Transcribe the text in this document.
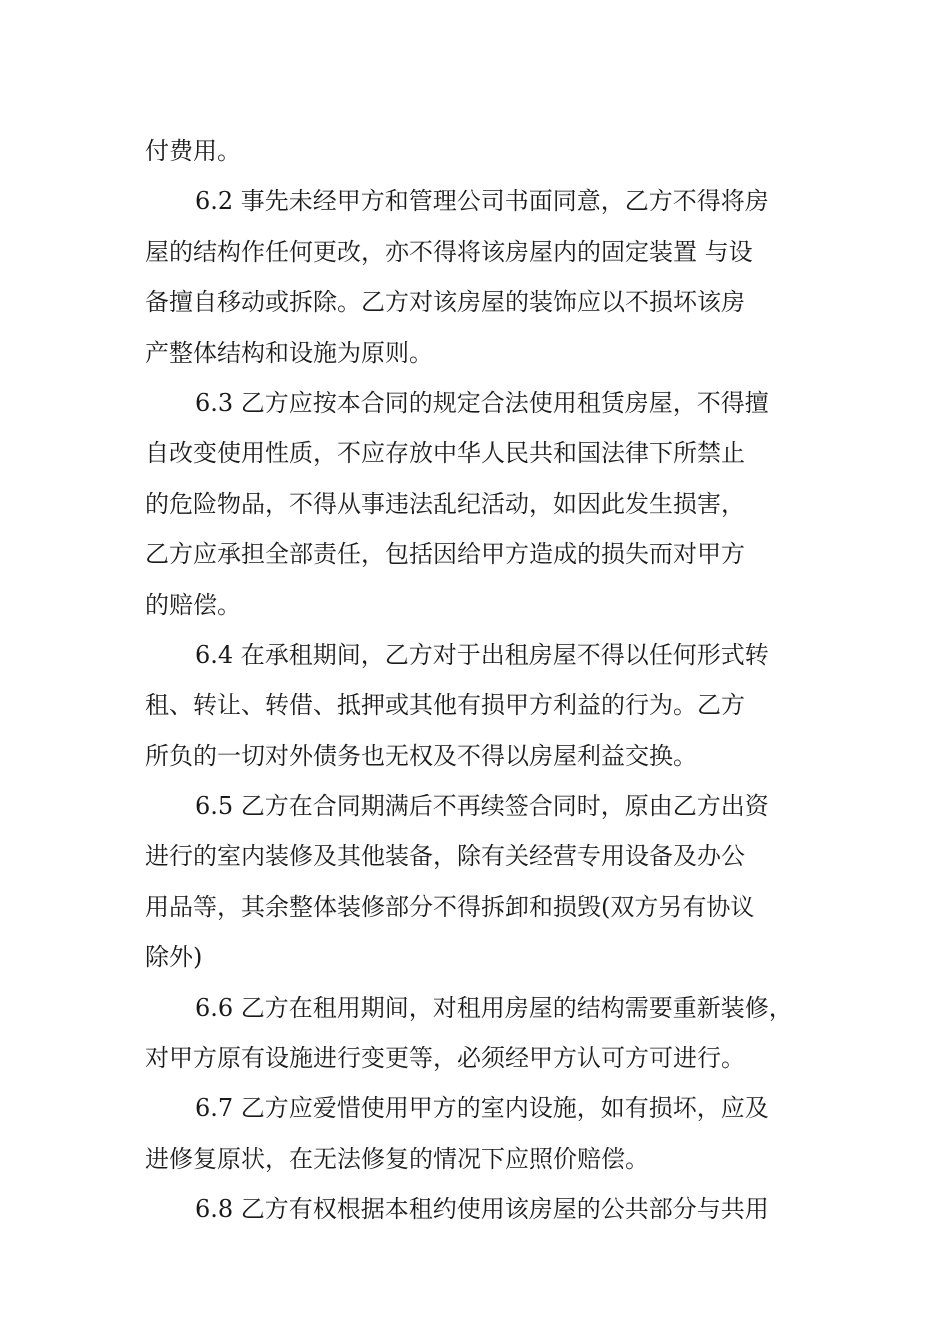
付费用。
6.2 事先未经甲方和管理公司书面同意，乙方不得将房
屋的结构作任何更改，亦不得将该房屋内的固定装置 与设
备擅自移动或拆除。乙方对该房屋的装饰应以不损坏该房
产整体结构和设施为原则。
6.3 乙方应按本合同的规定合法使用租赁房屋，不得擅
自改变使用性质，不应存放中华人民共和国法律下所禁止
的危险物品，不得从事违法乱纪活动，如因此发生损害，
乙方应承担全部责任，包括因给甲方造成的损失而对甲方
的赔偿。
6.4 在承租期间，乙方对于出租房屋不得以任何形式转
租、转让、转借、抵押或其他有损甲方利益的行为。乙方
所负的一切对外债务也无权及不得以房屋利益交换。
6.5 乙方在合同期满后不再续签合同时，原由乙方出资
进行的室内装修及其他装备，除有关经营专用设备及办公
用品等，其余整体装修部分不得拆卸和损毁(双方另有协议
除外)
6.6 乙方在租用期间，对租用房屋的结构需要重新装修，
对甲方原有设施进行变更等，必须经甲方认可方可进行。
6.7 乙方应爱惜使用甲方的室内设施，如有损坏，应及
进修复原状，在无法修复的情况下应照价赔偿。
6.8 乙方有权根据本租约使用该房屋的公共部分与共用
